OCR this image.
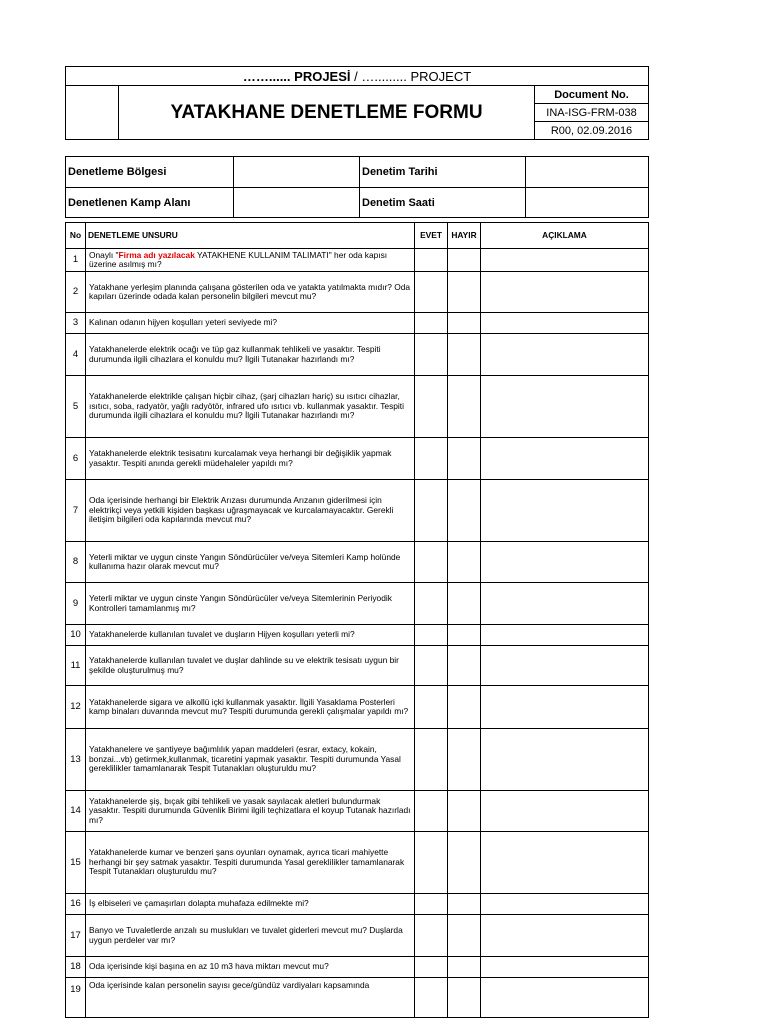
……...... PROJESİ / …......... PROJECT
	YATAKHANE DENETLEME FORMU	Document No.
INA-ISG-FRM-038
R00, 02.09.2016
Denetleme Bölgesi		Denetim Tarihi	
Denetlenen Kamp Alanı		Denetim Saati	
No	DENETLEME UNSURU	EVET	HAYIR	AÇIKLAMA
1	Onaylı "Firma adı yazılacak YATAKHENE KULLANIM TALIMATI" her oda kapısı üzerine asılmış mı?			
2	Yatakhane yerleşim planında çalışana gösterilen oda ve yatakta yatılmakta mıdır? Oda kapıları üzerinde odada kalan personelin bilgileri mevcut mu?			
3	Kalınan odanın hijyen koşulları yeteri seviyede mi?			
4	Yatakhanelerde elektrik ocağı ve tüp gaz kullanmak tehlikeli ve yasaktır. Tespiti durumunda ilgili cihazlara el konuldu mu? İlgili Tutanakar hazırlandı mı?			
5	Yatakhanelerde elektrikle çalışan hiçbir cihaz, (şarj cihazları hariç) su ısıtıcı cihazlar, ısıtıcı, soba, radyatör, yağlı radyötör, infrared ufo ısıtıcı vb. kullanmak yasaktır. Tespiti durumunda ilgili cihazlara el konuldu mu? İlgili Tutanakar hazırlandı mı?			
6	Yatakhanelerde elektrik tesisatını kurcalamak veya herhangi bir değişiklik yapmak yasaktır. Tespiti anında gerekli müdehaleler yapıldı mı?			
7	Oda içerisinde herhangi bir Elektrik Arızası durumunda Arızanın giderilmesi için elektrikçi veya yetkili kişiden başkası uğraşmayacak ve kurcalamayacaktır. Gerekli iletişim bilgileri oda kapılarında mevcut mu?			
8	Yeterli miktar ve uygun cinste Yangın Söndürücüler ve/veya Sitemleri Kamp holünde kullanıma hazır olarak mevcut mu?			
9	Yeterli miktar ve uygun cinste Yangın Söndürücüler ve/veya Sitemlerinin Periyodik Kontrolleri tamamlanmış mı?			
10	Yatakhanelerde kullanılan tuvalet ve duşların Hijyen koşulları yeterli mi?			
11	Yatakhanelerde kullanılan tuvalet ve duşlar dahlinde su ve elektrik tesisatı uygun bir şekilde oluşturulmuş mu?			
12	Yatakhanelerde sigara ve alkollü içki kullanmak yasaktır. İlgili Yasaklama Posterleri kamp binaları duvarında mevcut mu? Tespiti durumunda gerekli çalışmalar yapıldı mı?			
13	Yatakhanelere ve şantiyeye bağımlılık yapan maddeleri (esrar, extacy, kokain, bonzai...vb) getirmek,kullanmak, ticaretini yapmak yasaktır. Tespiti durumunda Yasal gereklilikler tamamlanarak Tespit Tutanakları oluşturuldu mu?			
14	Yatakhanelerde şiş, bıçak gibi tehlikeli ve yasak sayılacak aletleri bulundurmak yasaktır. Tespiti durumunda Güvenlik Birimi ilgili teçhizatlara el koyup Tutanak hazırladı mı?			
15	Yatakhanelerde kumar ve benzeri şans oyunları oynamak, ayrıca ticari mahiyette herhangi bir şey satmak yasaktır. Tespiti durumunda Yasal gereklilikler tamamlanarak Tespit Tutanakları oluşturuldu mu?			
16	İş elbiseleri ve çamaşırları dolapta muhafaza edilmekte mi?			
17	Banyo ve Tuvaletlerde arızalı su muslukları ve tuvalet giderleri mevcut mu? Duşlarda uygun perdeler var mı?			
18	Oda içerisinde kişi başına en az 10 m3 hava miktarı mevcut mu?			
19	Oda içerisinde kalan personelin sayısı gece/gündüz vardiyaları kapsamında			
